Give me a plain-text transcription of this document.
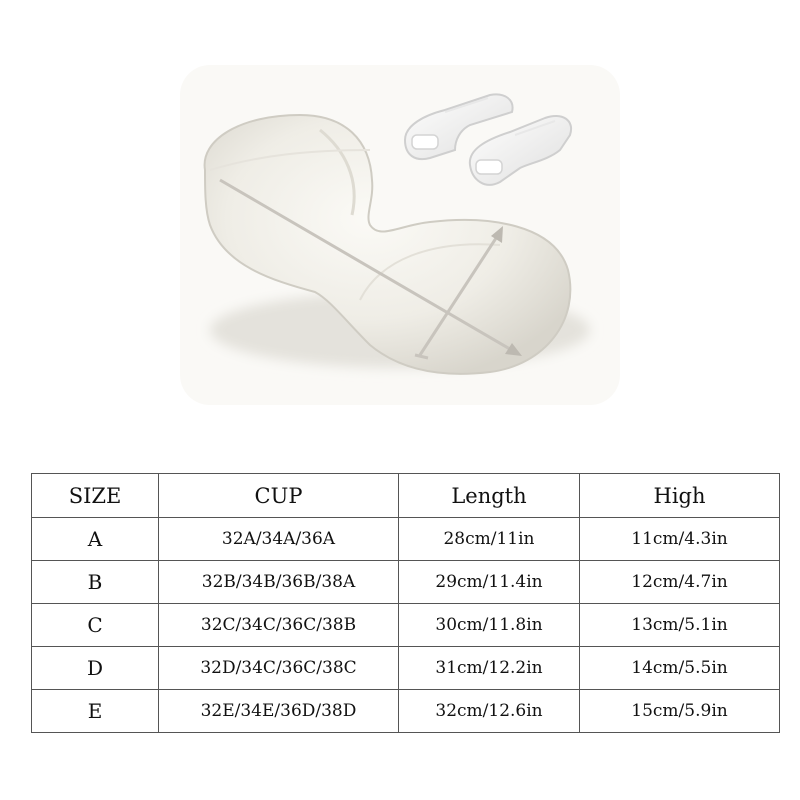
SIZE	CUP	Length	High
A	32A/34A/36A	28cm/11in	11cm/4.3in
B	32B/34B/36B/38A	29cm/11.4in	12cm/4.7in
C	32C/34C/36C/38B	30cm/11.8in	13cm/5.1in
D	32D/34C/36C/38C	31cm/12.2in	14cm/5.5in
E	32E/34E/36D/38D	32cm/12.6in	15cm/5.9in
